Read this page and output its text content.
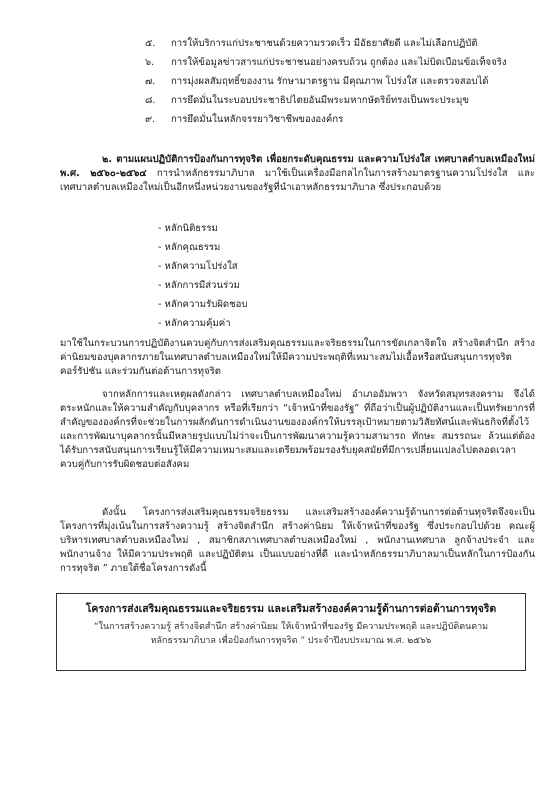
๕. การให้บริการแก่ประชาชนด้วยความรวดเร็ว มีอัธยาศัยดี และไม่เลือกปฏิบัติ
๖. การให้ข้อมูลข่าวสารแก่ประชาชนอย่างครบถ้วน ถูกต้อง และไม่บิดเบือนข้อเท็จจริง
๗. การมุ่งผลสัมฤทธิ์ของงาน รักษามาตรฐาน มีคุณภาพ โปร่งใส และตรวจสอบได้
๘. การยึดมั่นในระบอบประชาธิปไตยอันมีพระมหากษัตริย์ทรงเป็นพระประมุข
๙. การยึดมั่นในหลักจรรยาวิชาชีพขององค์กร

๒. ตามแผนปฏิบัติการป้องกันการทุจริต เพื่อยกระดับคุณธรรม และความโปร่งใส เทศบาลตำบลเหมืองใหม่ พ.ศ. ๒๕๖๐-๒๕๖๔ การนำหลักธรรมาภิบาล มาใช้เป็นเครื่องมือกลไกในการสร้างมาตรฐานความโปร่งใส และเทศบาลตำบลเหมืองใหม่เป็นอีกหนึ่งหน่วยงานของรัฐที่นำเอาหลักธรรมาภิบาล ซึ่งประกอบด้วย

- หลักนิติธรรม
- หลักคุณธรรม
- หลักความโปร่งใส
- หลักการมีส่วนร่วม
- หลักความรับผิดชอบ
- หลักความคุ้มค่า

มาใช้ในกระบวนการปฏิบัติงานควบคู่กับการส่งเสริมคุณธรรมและจริยธรรมในการขัดเกลาจิตใจ สร้างจิตสำนึก สร้างค่านิยมของบุคลากรภายในเทศบาลตำบลเหมืองใหม่ให้มีความประพฤติที่เหมาะสมไม่เอื้อหรือสนับสนุนการทุจริตคอร์รัปชัน และร่วมกันต่อต้านการทุจริต

จากหลักการและเหตุผลดังกล่าว เทศบาลตำบลเหมืองใหม่ อำเภออัมพวา จังหวัดสมุทรสงคราม จึงได้ตระหนักและให้ความสำคัญกับบุคลากร หรือที่เรียกว่า “เจ้าหน้าที่ของรัฐ” ที่ถือว่าเป็นผู้ปฏิบัติงานและเป็นทรัพยากรที่สำคัญขององค์กรที่จะช่วยในการผลักดันการดำเนินงานขององค์กรให้บรรลุเป้าหมายตามวิสัยทัศน์และพันธกิจที่ตั้งไว้ และการพัฒนาบุคลากรนั้นมีหลายรูปแบบไม่ว่าจะเป็นการพัฒนาความรู้ความสามารถ ทักษะ สมรรถนะ ล้วนแต่ต้องได้รับการสนับสนุนการเรียนรู้ให้มีความเหมาะสมและเตรียมพร้อมรองรับยุคสมัยที่มีการเปลี่ยนแปลงไปตลอดเวลาควบคู่กับการรับผิดชอบต่อสังคม

ดังนั้น โครงการส่งเสริมคุณธรรมจริยธรรม และเสริมสร้างองค์ความรู้ด้านการต่อต้านทุจริตจึงจะเป็นโครงการที่มุ่งเน้นในการสร้างความรู้ สร้างจิตสำนึก สร้างค่านิยม ให้เจ้าหน้าที่ของรัฐ ซึ่งประกอบไปด้วย คณะผู้บริหารเทศบาลตำบลเหมืองใหม่ , สมาชิกสภาเทศบาลตำบลเหมืองใหม่ , พนักงานเทศบาล ลูกจ้างประจำ และพนักงานจ้าง ให้มีความประพฤติ และปฏิบัติตน เป็นแบบอย่างที่ดี และนำหลักธรรมาภิบาลมาเป็นหลักในการป้องกันการทุจริต ” ภายใต้ชื่อโครงการดังนี้

โครงการส่งเสริมคุณธรรมและจริยธรรม และเสริมสร้างองค์ความรู้ด้านการต่อต้านการทุจริต
“ในการสร้างความรู้ สร้างจิตสำนึก สร้างค่านิยม ให้เจ้าหน้าที่ของรัฐ มีความประพฤติ และปฏิบัติตนตามหลักธรรมาภิบาล เพื่อป้องกันการทุจริต ” ประจำปีงบประมาณ พ.ศ. ๒๕๖๖
